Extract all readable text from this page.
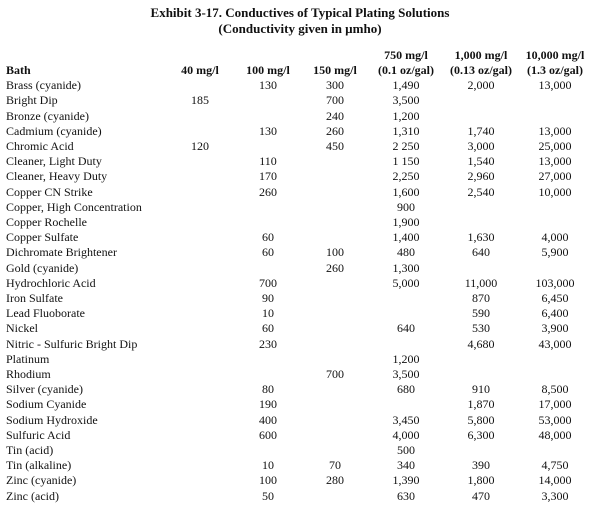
Exhibit 3-17. Conductives of Typical Plating Solutions
(Conductivity given in µmho)
				750 mg/l	1,000 mg/l	10,000 mg/l
Bath	40 mg/l	100 mg/l	150 mg/l	(0.1 oz/gal)	(0.13 oz/gal)	(1.3 oz/gal)
Brass (cyanide)		130	300	1,490	2,000	13,000
Bright Dip	185		700	3,500		
Bronze (cyanide)			240	1,200		
Cadmium (cyanide)		130	260	1,310	1,740	13,000
Chromic Acid	120		450	2 250	3,000	25,000
Cleaner, Light Duty		110		1 150	1,540	13,000
Cleaner, Heavy Duty		170		2,250	2,960	27,000
Copper CN Strike		260		1,600	2,540	10,000
Copper, High Concentration				900		
Copper Rochelle				1,900		
Copper Sulfate		60		1,400	1,630	4,000
Dichromate Brightener		60	100	480	640	5,900
Gold (cyanide)			260	1,300		
Hydrochloric Acid		700		5,000	11,000	103,000
Iron Sulfate		90			870	6,450
Lead Fluoborate		10			590	6,400
Nickel		60		640	530	3,900
Nitric - Sulfuric Bright Dip		230			4,680	43,000
Platinum				1,200		
Rhodium			700	3,500		
Silver (cyanide)		80		680	910	8,500
Sodium Cyanide		190			1,870	17,000
Sodium Hydroxide		400		3,450	5,800	53,000
Sulfuric Acid		600		4,000	6,300	48,000
Tin (acid)				500		
Tin (alkaline)		10	70	340	390	4,750
Zinc (cyanide)		100	280	1,390	1,800	14,000
Zinc (acid)		50		630	470	3,300
